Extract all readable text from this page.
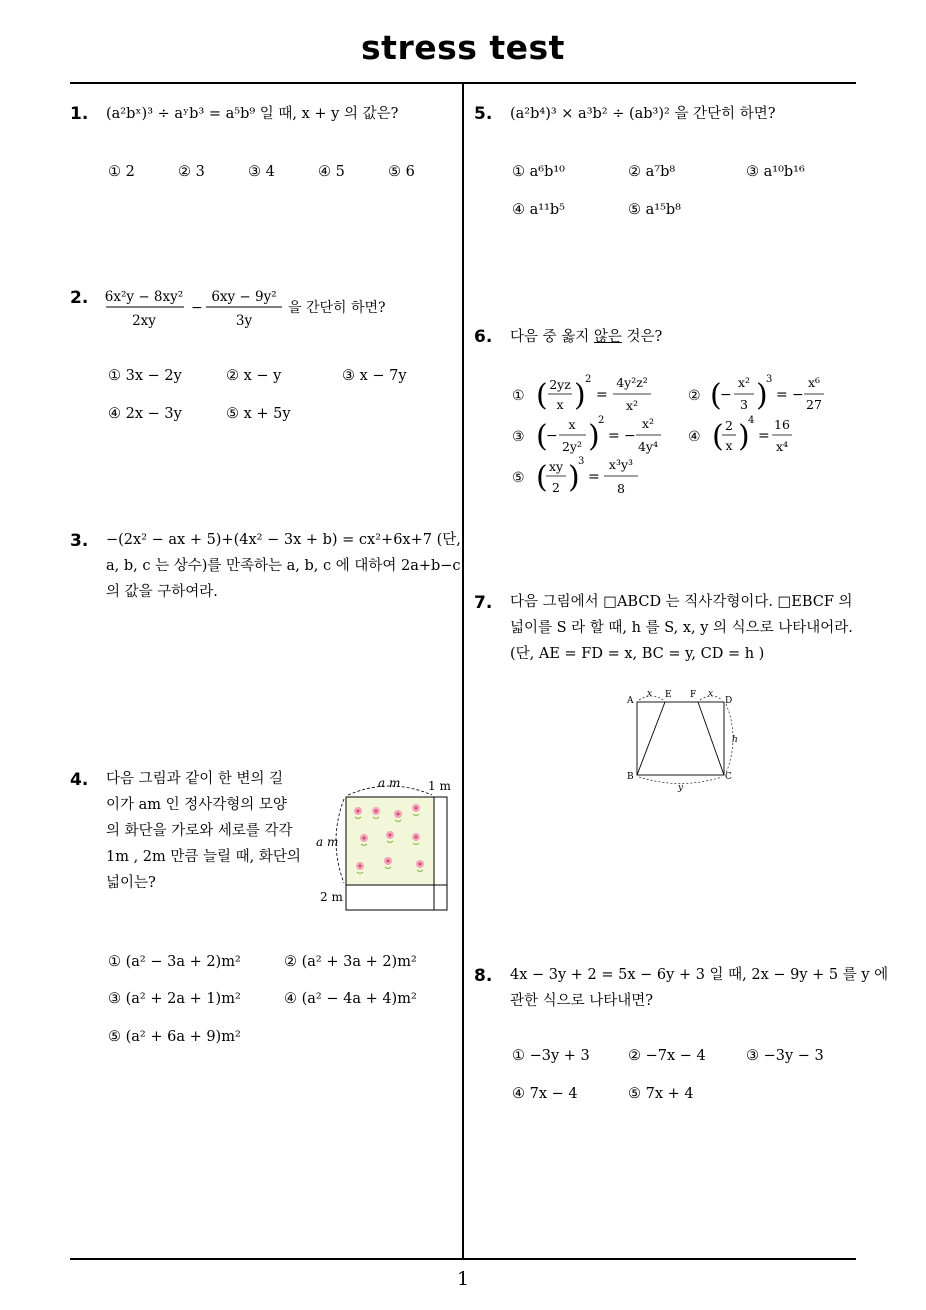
stress test
1
1. (a²bˣ)³ ÷ aʸb³ = a⁵b⁹ 일 때, x + y 의 값은?
① 2	② 3	③ 4	④ 5	⑤ 6
2. 6x²y − 8xy²
2xy
−
6xy − 9y²
3y
을 간단히 하면?
① 3x − 2y	② x − y	③ x − 7y
④ 2x − 3y	⑤ x + 5y
3. −(2x² − ax + 5)+(4x² − 3x + b) = cx²+6x+7 (단,
a, b, c 는 상수)를 만족하는 a, b, c 에 대하여 2a+b−c
의 값을 구하여라.
4. 다음 그림과 같이 한 변의 길
이가 am 인 정사각형의 모양
의 화단을 가로와 세로를 각각
1m , 2m 만큼 늘릴 때, 화단의
넓이는?
a m 1 m
a m
2 m
① (a² − 3a + 2)m²	② (a² + 3a + 2)m²
③ (a² + 2a + 1)m²	④ (a² − 4a + 4)m²
⑤ (a² + 6a + 9)m²
5. (a²b⁴)³ × a³b² ÷ (ab³)² 을 간단히 하면?
① a⁶b¹⁰	② a⁷b⁸	③ a¹⁰b¹⁶
④ a¹¹b⁵	⑤ a¹⁵b⁸
6. 다음 중 옳지 않은 것은?
① ( 2yz
x ) 2
=
4y²z²
x²
② (
−
x²
3 )
3
= −
x⁶
27
③ (
−
x
2y² )
2
= −
x²
4y⁴
④ ( 2
x )
4
=
16
x⁴
⑤ ( xy
2 )
3
=
x³y³
8
7. 다음 그림에서 □ABCD 는 직사각형이다. □EBCF 의
넓이를 S 라 할 때, h 를 S, x, y 의 식으로 나타내어라.
(단, AE = FD = x, BC = y, CD = h )
A
B	C
D
E F
x	x
h
y
8. 4x − 3y + 2 = 5x − 6y + 3 일 때, 2x − 9y + 5 를 y 에
관한 식으로 나타내면?
① −3y + 3	② −7x − 4	③ −3y − 3
④ 7x − 4	⑤ 7x + 4
